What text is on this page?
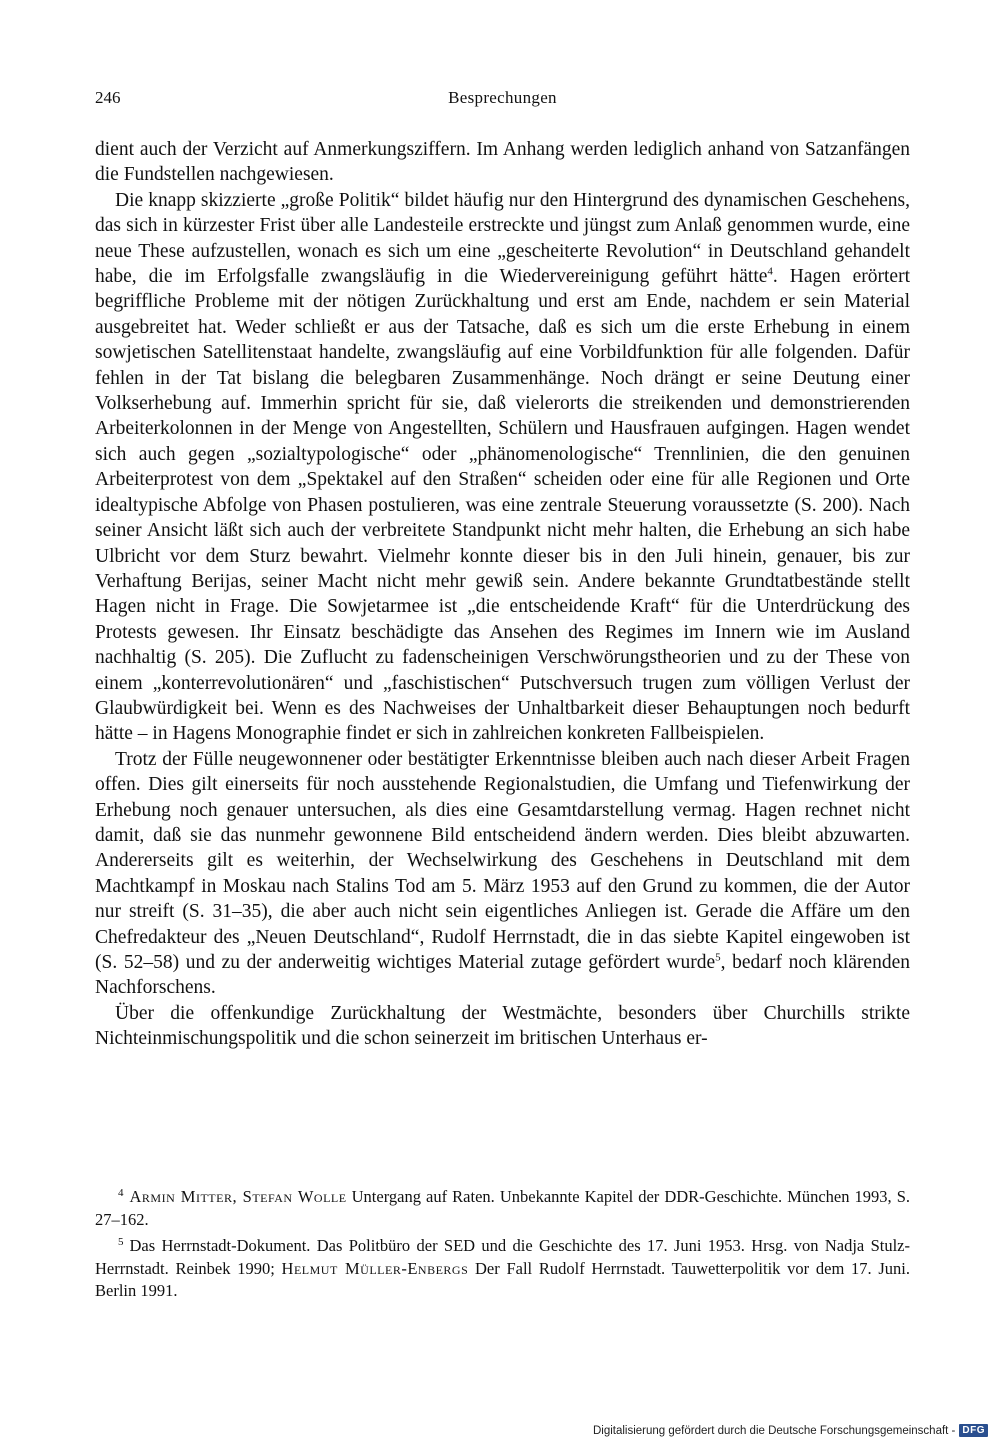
246	Besprechungen

dient auch der Verzicht auf Anmerkungsziffern. Im Anhang werden lediglich anhand von Satzanfängen die Fundstellen nachgewiesen.

Die knapp skizzierte „große Politik“ bildet häufig nur den Hintergrund des dynamischen Geschehens, das sich in kürzester Frist über alle Landesteile erstreckte und jüngst zum Anlaß genommen wurde, eine neue These aufzustellen, wonach es sich um eine „gescheiterte Revolution“ in Deutschland gehandelt habe, die im Erfolgsfalle zwangsläufig in die Wiedervereinigung geführt hätte$^4$. Hagen erörtert begriffliche Probleme mit der nötigen Zurückhaltung und erst am Ende, nachdem er sein Material ausgebreitet hat. Weder schließt er aus der Tatsache, daß es sich um die erste Erhebung in einem sowjetischen Satellitenstaat handelte, zwangsläufig auf eine Vorbildfunktion für alle folgenden. Dafür fehlen in der Tat bislang die belegbaren Zusammenhänge. Noch drängt er seine Deutung einer Volkserhebung auf. Immerhin spricht für sie, daß vielerorts die streikenden und demonstrierenden Arbeiterkolonnen in der Menge von Angestellten, Schülern und Hausfrauen aufgingen. Hagen wendet sich auch gegen „sozialtypologische“ oder „phänomenologische“ Trennlinien, die den genuinen Arbeiterprotest von dem „Spektakel auf den Straßen“ scheiden oder eine für alle Regionen und Orte idealtypische Abfolge von Phasen postulieren, was eine zentrale Steuerung voraussetzte (S. 200). Nach seiner Ansicht läßt sich auch der verbreitete Standpunkt nicht mehr halten, die Erhebung an sich habe Ulbricht vor dem Sturz bewahrt. Vielmehr konnte dieser bis in den Juli hinein, genauer, bis zur Verhaftung Berijas, seiner Macht nicht mehr gewiß sein. Andere bekannte Grundtatbestände stellt Hagen nicht in Frage. Die Sowjetarmee ist „die entscheidende Kraft“ für die Unterdrückung des Protests gewesen. Ihr Einsatz beschädigte das Ansehen des Regimes im Innern wie im Ausland nachhaltig (S. 205). Die Zuflucht zu fadenscheinigen Verschwörungstheorien und zu der These von einem „konterrevolutionären“ und „faschistischen“ Putschversuch trugen zum völligen Verlust der Glaubwürdigkeit bei. Wenn es des Nachweises der Unhaltbarkeit dieser Behauptungen noch bedurft hätte – in Hagens Monographie findet er sich in zahlreichen konkreten Fallbeispielen.

Trotz der Fülle neugewonnener oder bestätigter Erkenntnisse bleiben auch nach dieser Arbeit Fragen offen. Dies gilt einerseits für noch ausstehende Regionalstudien, die Umfang und Tiefenwirkung der Erhebung noch genauer untersuchen, als dies eine Gesamtdarstellung vermag. Hagen rechnet nicht damit, daß sie das nunmehr gewonnene Bild entscheidend ändern werden. Dies bleibt abzuwarten. Andererseits gilt es weiterhin, der Wechselwirkung des Geschehens in Deutschland mit dem Machtkampf in Moskau nach Stalins Tod am 5. März 1953 auf den Grund zu kommen, die der Autor nur streift (S. 31–35), die aber auch nicht sein eigentliches Anliegen ist. Gerade die Affäre um den Chefredakteur des „Neuen Deutschland“, Rudolf Herrnstadt, die in das siebte Kapitel eingewoben ist (S. 52–58) und zu der anderweitig wichtiges Material zutage gefördert wurde$^5$, bedarf noch klärenden Nachforschens.

Über die offenkundige Zurückhaltung der Westmächte, besonders über Churchills strikte Nichteinmischungspolitik und die schon seinerzeit im britischen Unterhaus er-

$^4$ Armin Mitter, Stefan Wolle Untergang auf Raten. Unbekannte Kapitel der DDR-Geschichte. München 1993, S. 27–162.

$^5$ Das Herrnstadt-Dokument. Das Politbüro der SED und die Geschichte des 17. Juni 1953. Hrsg. von Nadja Stulz-Herrnstadt. Reinbek 1990; Helmut Müller-Enbergs Der Fall Rudolf Herrnstadt. Tauwetterpolitik vor dem 17. Juni. Berlin 1991.

Digitalisierung gefördert durch die Deutsche Forschungsgemeinschaft - DFG
